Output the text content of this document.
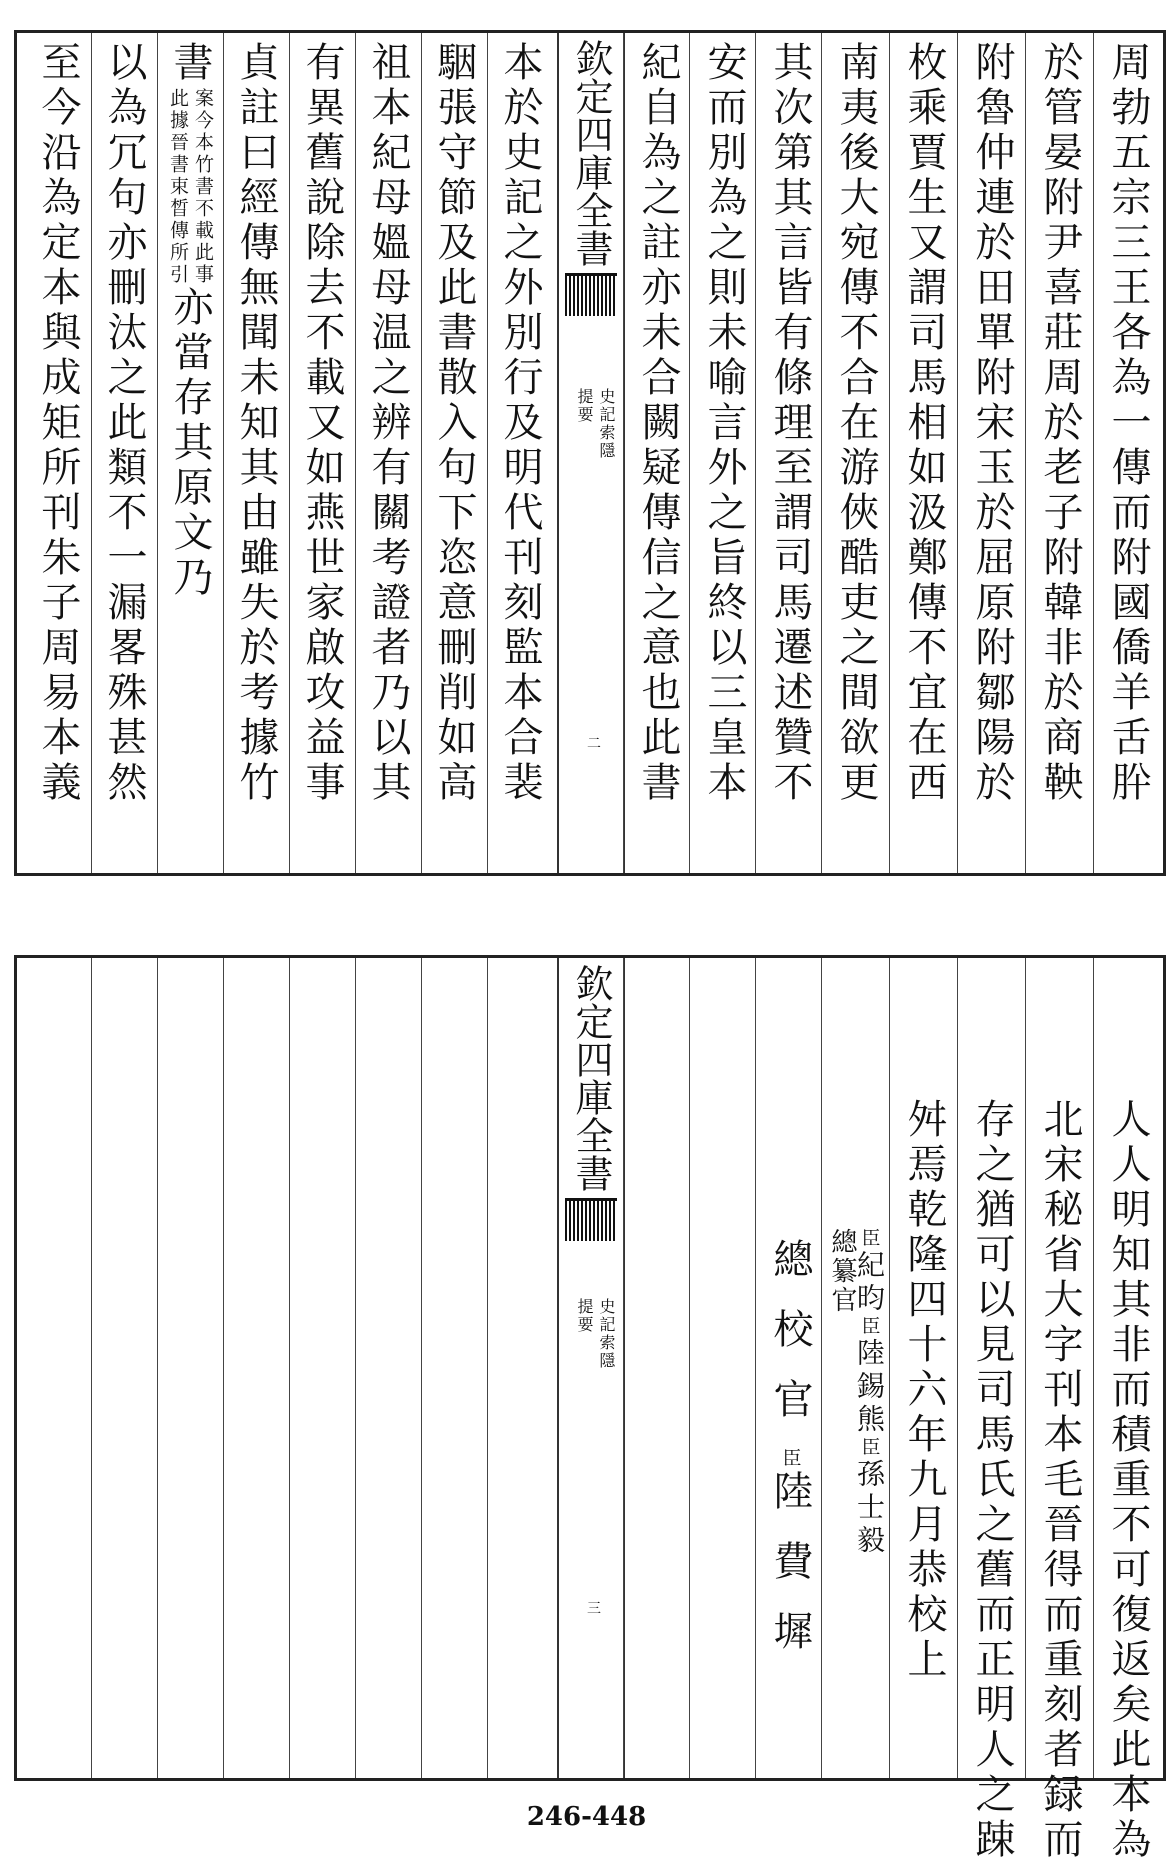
周勃五宗三王各為一傳而附國僑羊舌肸
於管晏附尹喜莊周於老子附韓非於商鞅
附魯仲連於田單附宋玉於屈原附鄒陽於
枚乘賈生又謂司馬相如汲鄭傳不宜在西
南夷後大宛傳不合在游俠酷吏之間欲更
其次第其言皆有條理至謂司馬遷述贊不
安而別為之則未喻言外之旨終以三皇本
紀自為之註亦未合闕疑傳信之意也此書
欽定四庫全書
史記索隱
提要
二
本於史記之外別行及明代刊刻監本合裴
駰張守節及此書散入句下恣意刪削如高
祖本紀母媼母温之辨有關考證者乃以其
有異舊說除去不載又如燕世家啟攻益事
貞註曰經傳無聞未知其由雖失於考據竹
書
案今本竹書不載此事
此據晉書束晳傳所引
亦當存其原文乃
以為冗句亦刪汰之此類不一漏畧殊甚然
至今沿為定本與成矩所刊朱子周易本義
人人明知其非而積重不可復返矣此本為
北宋秘省大字刊本毛晉得而重刻者録而
存之猶可以見司馬氏之舊而正明人之踈
舛焉乾隆四十六年九月恭校上
總纂官 臣
紀昀
臣
陸錫熊
臣
孫士毅
總校官
臣
陸費墀
欽定四庫全書
史記索隱
提要
三
246-448
